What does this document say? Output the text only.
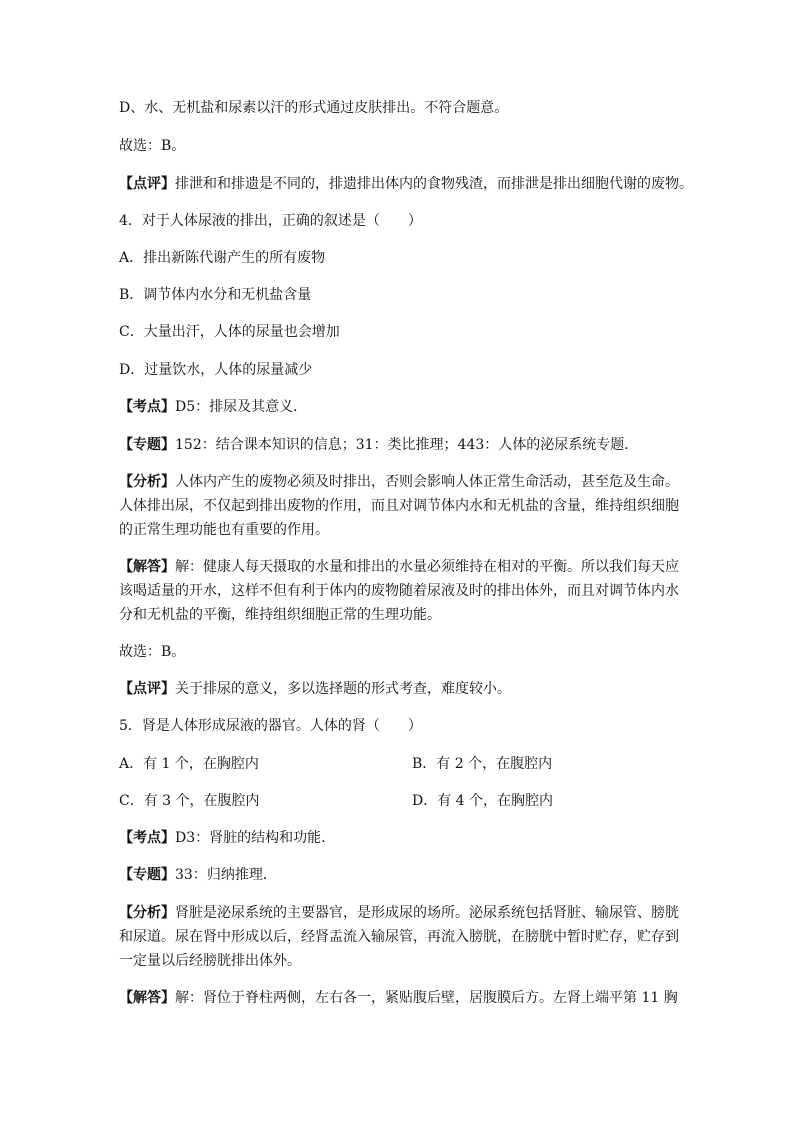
D、水、无机盐和尿素以汗的形式通过皮肤排出。不符合题意。
故选：B。
【点评】排泄和和排遗是不同的，排遗排出体内的食物残渣，而排泄是排出细胞代谢的废物。
4．对于人体尿液的排出，正确的叙述是（　　）
A．排出新陈代谢产生的所有废物
B．调节体内水分和无机盐含量
C．大量出汗，人体的尿量也会增加
D．过量饮水，人体的尿量减少
【考点】D5：排尿及其意义．
【专题】152：结合课本知识的信息；31：类比推理；443：人体的泌尿系统专题．
【分析】人体内产生的废物必须及时排出，否则会影响人体正常生命活动，甚至危及生命。
人体排出尿，不仅起到排出废物的作用，而且对调节体内水和无机盐的含量，维持组织细胞
的正常生理功能也有重要的作用。
【解答】解：健康人每天摄取的水量和排出的水量必须维持在相对的平衡。所以我们每天应
该喝适量的开水，这样不但有利于体内的废物随着尿液及时的排出体外，而且对调节体内水
分和无机盐的平衡，维持组织细胞正常的生理功能。
故选：B。
【点评】关于排尿的意义，多以选择题的形式考查，难度较小。
5．肾是人体形成尿液的器官。人体的肾（　　）
A．有 1 个，在胸腔内	B．有 2 个，在腹腔内
C．有 3 个，在腹腔内	D．有 4 个，在胸腔内
【考点】D3：肾脏的结构和功能．
【专题】33：归纳推理．
【分析】肾脏是泌尿系统的主要器官，是形成尿的场所。泌尿系统包括肾脏、输尿管、膀胱
和尿道。尿在肾中形成以后，经肾盂流入输尿管，再流入膀胱，在膀胱中暂时贮存，贮存到
一定量以后经膀胱排出体外。
【解答】解：肾位于脊柱两侧，左右各一，紧贴腹后壁，居腹膜后方。左肾上端平第 11 胸
